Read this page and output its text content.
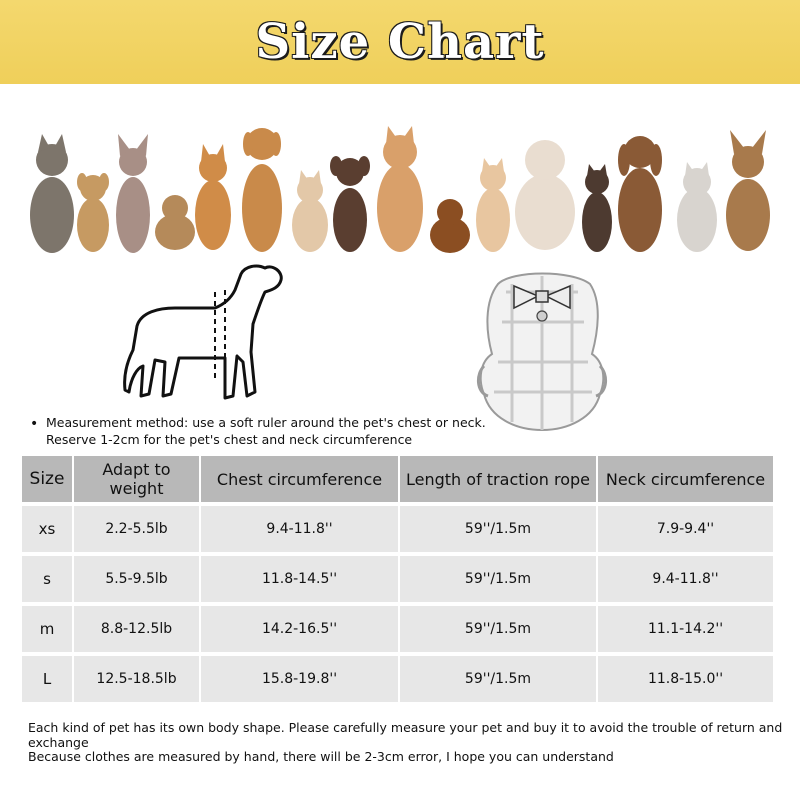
Size Chart
• Measurement method: use a soft ruler around the pet's chest or neck.
Reserve 1-2cm for the pet's chest and neck circumference
Size	Adapt to weight	Chest circumference	Length of traction rope	Neck circumference
xs	2.2-5.5lb	9.4-11.8''	59''/1.5m	7.9-9.4''
s	5.5-9.5lb	11.8-14.5''	59''/1.5m	9.4-11.8''
m	8.8-12.5lb	14.2-16.5''	59''/1.5m	11.1-14.2''
L	12.5-18.5lb	15.8-19.8''	59''/1.5m	11.8-15.0''
Each kind of pet has its own body shape. Please carefully measure your pet and buy it to avoid the trouble of return and exchange
Because clothes are measured by hand, there will be 2-3cm error, I hope you can understand
